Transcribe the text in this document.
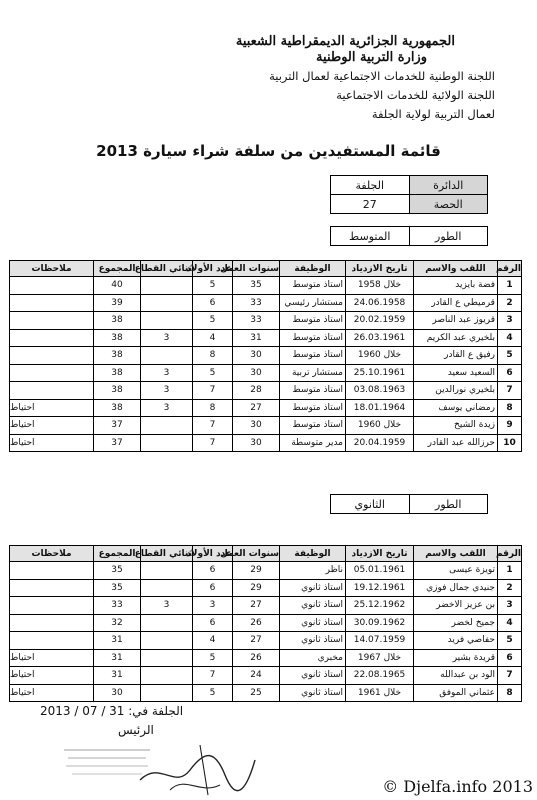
الجمهورية الجزائرية الديمقراطية الشعبية
وزارة التربية الوطنية
اللجنة الوطنية للخدمات الاجتماعية لعمال التربية
اللجنة الولائية للخدمات الاجتماعية
لعمال التربية لولاية الجلفة
قائمة المستفيدين من سلفة شراء سيارة 2013
الدائرة	الجلفة
الحصة	27
الطور	المتوسط
الرقم	اللقب والاسم	تاريخ الازدياد	الوظيفة	سنوات العمل	عدد الأولاد	ثنائي القطاع	المجموع	ملاحظات
1	فضة بايزيد	خلال 1958	استاذ متوسط	35	5		40	
2	قرميطي ع القادر	24.06.1958	مستشار رئيسي	33	6		39	
3	قريوز عبد الناصر	20.02.1959	استاذ متوسط	33	5		38	
4	بلخيري عبد الكريم	26.03.1961	استاذ متوسط	31	4	3	38	
5	رفيق ع القادر	خلال 1960	استاذ متوسط	30	8		38	
6	السعيد سعيد	25.10.1961	مستشار تربية	30	5	3	38	
7	بلخيري نورالدين	03.08.1963	استاذ متوسط	28	7	3	38	
8	رمضاني يوسف	18.01.1964	استاذ متوسط	27	8	3	38	احتياط
9	زيدة الشيخ	خلال 1960	استاذ متوسط	30	7		37	احتياط
10	حرزالله عبد القادر	20.04.1959	مدير متوسطة	30	7		37	احتياط
الطور	الثانوي
الرقم	اللقب والاسم	تاريخ الازدياد	الوظيفة	سنوات العمل	عدد الأولاد	ثنائي القطاع	المجموع	ملاحظات
1	تويزة عيسى	05.01.1961	ناظر	29	6		35	
2	جنيدي جمال فوزي	19.12.1961	استاذ ثانوي	29	6		35	
3	بن عزيز الاخضر	25.12.1962	استاذ ثانوي	27	3	3	33	
4	جميخ لخضر	30.09.1962	استاذ ثانوي	26	6		32	
5	حفاصي فريد	14.07.1959	استاذ ثانوي	27	4		31	
6	قريدة بشير	خلال 1967	مخبري	26	5		31	احتياط
7	الود بن عبدالله	22.08.1965	استاذ ثانوي	24	7		31	احتياط
8	عثماني الموفق	خلال 1961	استاذ ثانوي	25	5		30	احتياط
الجلفة في: 31 / 07 / 2013
الرئيس
© Djelfa.info 2013
